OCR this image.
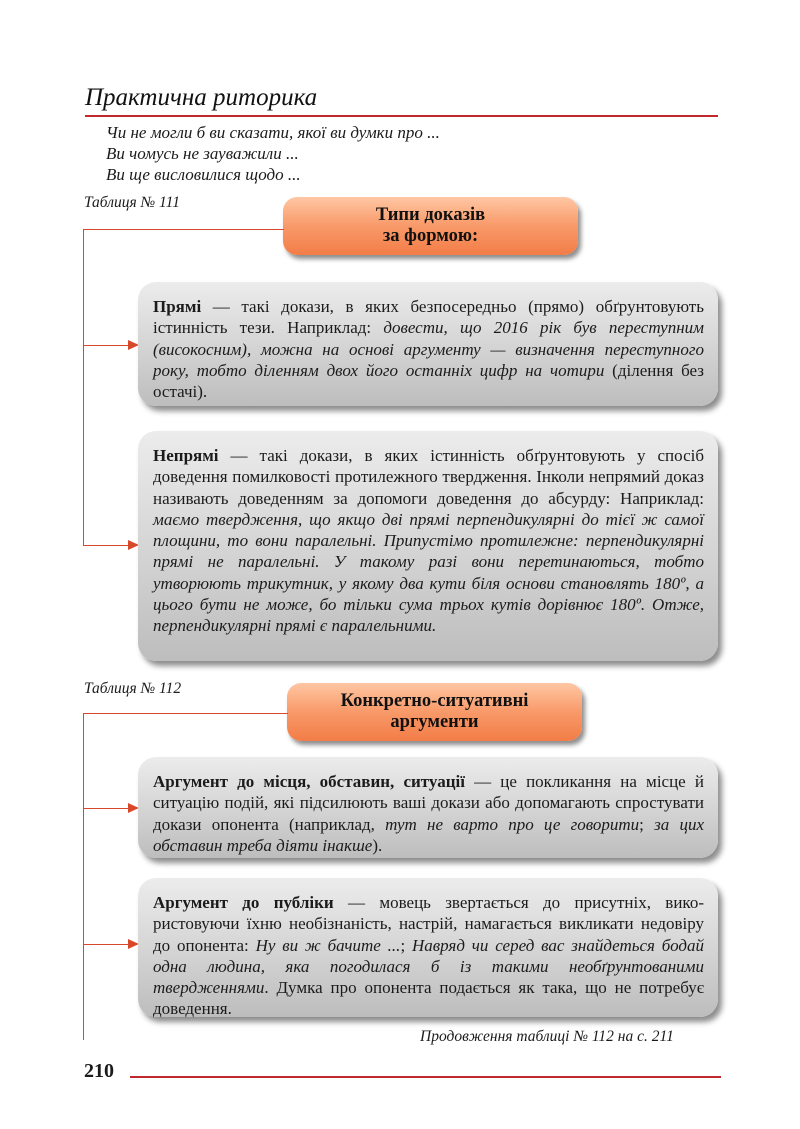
Практична риторика
Чи не могли б ви сказати, якої ви думки про ...
Ви чомусь не зауважили ...
Ви ще висловилися щодо ...
Таблиця № 111
Типи доказів
за формою:
Прямі — такі докази, в яких безпосередньо (прямо) обґрунтовують істинність тези. Наприклад: довести, що 2016 рік був переступним (високосним), можна на основі аргументу — визначення переступного року, тобто діленням двох його останніх цифр на чотири (ділення без остачі).
Непрямі — такі докази, в яких істинність обґрунтовують у спосіб доведення помилковості протилежного твердження. Інколи непрямий доказ називають доведенням за допомоги доведення до абсурду: Наприклад: маємо твердження, що якщо дві прямі перпендикулярні до тієї ж самої площини, то вони паралельні. Припустімо протилежне: перпендикулярні прямі не паралельні. У такому разі вони перетинаються, тобто утворюють трикутник, у якому два кути біля основи становлять 180º, а цього бути не може, бо тільки сума трьох кутів дорівнює 180º. Отже, перпендикулярні прямі є паралельними.
Таблиця № 112
Конкретно-ситуативні
аргументи
Аргумент до місця, обставин, ситуації — це покликання на місце й ситуацію подій, які підсилюють ваші докази або допомагають спростувати докази опонента (наприклад, тут не варто про це говорити; за цих обставин треба діяти інакше).
Аргумент до публіки — мовець звертається до присутніх, використовуючи їхню необізнаність, настрій, намагається викликати недовіру до опонента: Ну ви ж бачите ...; Навряд чи серед вас знайдеться бодай одна людина, яка погодилася б із такими необґрунтованими твердженнями. Думка про опонента подається як така, що не потребує доведення.
Продовження таблиці № 112 на с. 211
210
